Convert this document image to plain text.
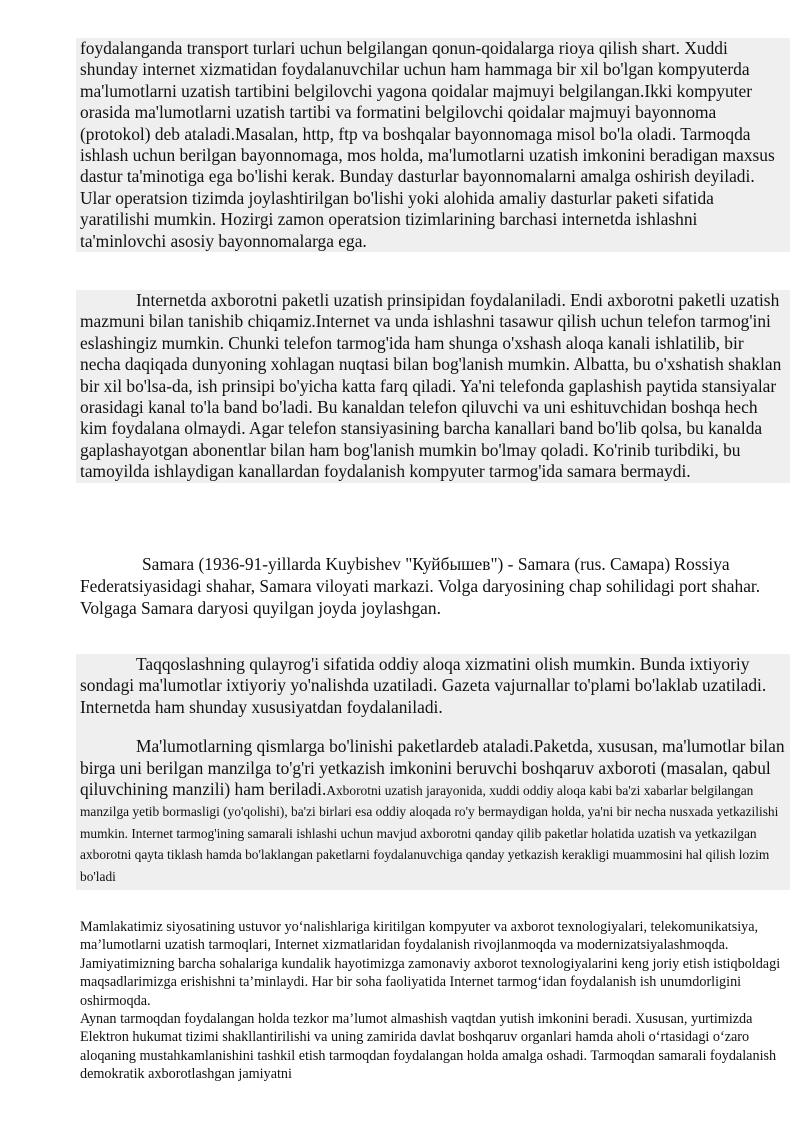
foydalanganda transport turlari uchun belgilangan qonun-qoidalarga rioya qilish shart. Xuddi shunday internet xizmatidan foydalanuvchilar uchun ham hammaga bir xil bo'lgan kompyuterda ma'lumotlarni uzatish tartibini belgilovchi yagona qoidalar majmuyi belgilangan.Ikki kompyuter orasida ma'lumotlarni uzatish tartibi va formatini belgilovchi qoidalar majmuyi bayonnoma (protokol) deb ataladi.Masalan, http, ftp va boshqalar bayonnomaga misol bo'la oladi. Tarmoqda ishlash uchun berilgan bayonnomaga, mos holda, ma'lumotlarni uzatish imkonini beradigan maxsus dastur ta'minotiga ega bo'lishi kerak. Bunday dasturlar bayonnomalarni amalga oshirish deyiladi. Ular operatsion tizimda joylashtirilgan bo'lishi yoki alohida amaliy dasturlar paketi sifatida yaratilishi mumkin. Hozirgi zamon operatsion tizimlarining barchasi internetda ishlashni ta'minlovchi asosiy bayonnomalarga ega.

Internetda axborotni paketli uzatish prinsipidan foydalaniladi. Endi axborotni paketli uzatish mazmuni bilan tanishib chiqamiz.Internet va unda ishlashni tasawur qilish uchun telefon tarmog'ini eslashingiz mumkin. Chunki telefon tarmog'ida ham shunga o'xshash aloqa kanali ishlatilib, bir necha daqiqada dunyoning xohlagan nuqtasi bilan bog'lanish mumkin. Albatta, bu o'xshatish shaklan bir xil bo'lsa-da, ish prinsipi bo'yicha katta farq qiladi. Ya'ni telefonda gaplashish paytida stansiyalar orasidagi kanal to'la band bo'ladi. Bu kanaldan telefon qiluvchi va uni eshituvchidan boshqa hech kim foydalana olmaydi. Agar telefon stansiyasining barcha kanallari band bo'lib qolsa, bu kanalda gaplashayotgan abonentlar bilan ham bog'lanish mumkin bo'lmay qoladi. Ko'rinib turibdiki, bu tamoyilda ishlaydigan kanallardan foydalanish kompyuter tarmog'ida samara bermaydi.

Samara (1936-91-yillarda Kuybishev "Куйбышев") - Samara (rus. Самара) Rossiya Federatsiyasidagi shahar, Samara viloyati markazi. Volga daryosining chap sohilidagi port shahar. Volgaga Samara daryosi quyilgan joyda joylashgan.

Taqqoslashning qulayrog'i sifatida oddiy aloqa xizmatini olish mumkin. Bunda ixtiyoriy sondagi ma'lumotlar ixtiyoriy yo'nalishda uzatiladi. Gazeta vajurnallar to'plami bo'laklab uzatiladi. Internetda ham shunday xususiyatdan foydalaniladi.

Ma'lumotlarning qismlarga bo'linishi paketlardeb ataladi.Paketda, xususan, ma'lumotlar bilan birga uni berilgan manzilga to'g'ri yetkazish imkonini beruvchi boshqaruv axboroti (masalan, qabul qiluvchining manzili) ham beriladi.Axborotni uzatish jarayonida, xuddi oddiy aloqa kabi ba'zi xabarlar belgilangan manzilga yetib bormasligi (yo'qolishi), ba'zi birlari esa oddiy aloqada ro'y bermaydigan holda, ya'ni bir necha nusxada yetkazilishi mumkin. Internet tarmog'ining samarali ishlashi uchun mavjud axborotni qanday qilib paketlar holatida uzatish va yetkazilgan axborotni qayta tiklash hamda bo'laklangan paketlarni foydalanuvchiga qanday yetkazish kerakligi muammosini hal qilish lozim bo'ladi

Mamlakatimiz siyosatining ustuvor yo‘nalishlariga kiritilgan kompyuter va axborot texnologiyalari, telekomunikatsiya, ma’lumotlarni uzatish tarmoqlari, Internet xizmatlaridan foydalanish rivojlanmoqda va modernizatsiyalashmoqda. Jamiyatimizning barcha sohalariga kundalik hayotimizga zamonaviy axborot texnologiyalarini keng joriy etish istiqboldagi maqsadlarimizga erishishni ta’minlaydi. Har bir soha faoliyatida Internet tarmog‘idan foydalanish ish unumdorligini oshirmoqda.

Aynan tarmoqdan foydalangan holda tezkor ma’lumot almashish vaqtdan yutish imkonini beradi. Xususan, yurtimizda Elektron hukumat tizimi shakllantirilishi va uning zamirida davlat boshqaruv organlari hamda aholi o‘rtasidagi o‘zaro aloqaning mustahkamlanishini tashkil etish tarmoqdan foydalangan holda amalga oshadi. Tarmoqdan samarali foydalanish demokratik axborotlashgan jamiyatni
